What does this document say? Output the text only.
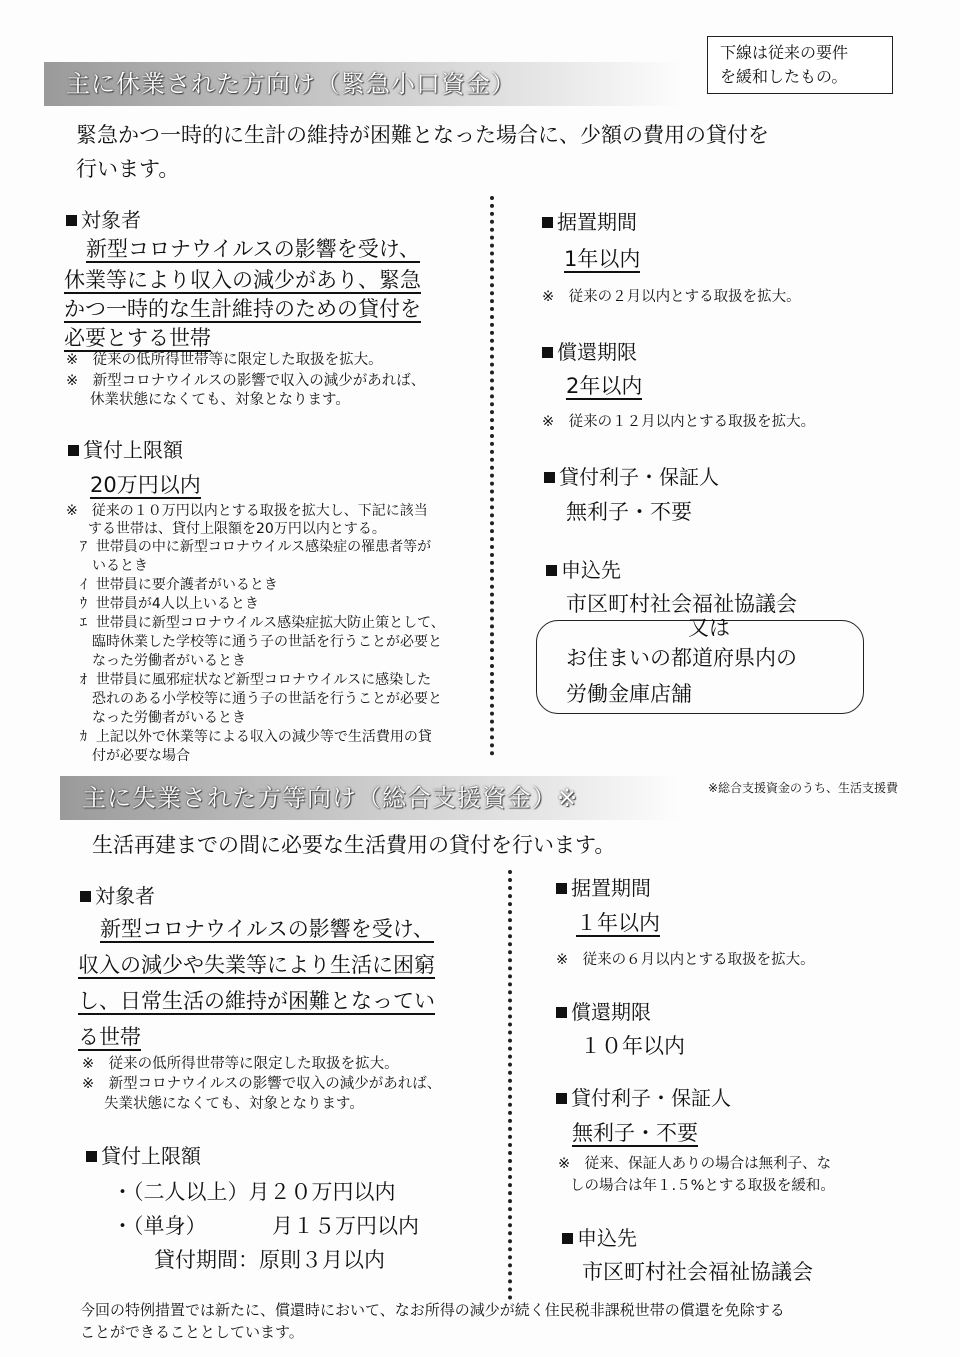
下線は従来の要件
を緩和したもの。
主に休業された方向け（緊急小口資金）
緊急かつ一時的に生計の維持が困難となった場合に、少額の費用の貸付を
行います。
対象者
新型コロナウイルスの影響を受け、
休業等により収入の減少があり、緊急
かつ一時的な生計維持のための貸付を
必要とする世帯
※　従来の低所得世帯等に限定した取扱を拡大。
※　新型コロナウイルスの影響で収入の減少があれば、
休業状態になくても、対象となります。
貸付上限額
20万円以内
※　従来の１０万円以内とする取扱を拡大し、下記に該当
する世帯は、貸付上限額を20万円以内とする。
ｱ 世帯員の中に新型コロナウイルス感染症の罹患者等が
いるとき
ｲ 世帯員に要介護者がいるとき
ｳ 世帯員が4人以上いるとき
ｴ 世帯員に新型コロナウイルス感染症拡大防止策として、
臨時休業した学校等に通う子の世話を行うことが必要と
なった労働者がいるとき
ｵ 世帯員に風邪症状など新型コロナウイルスに感染した
恐れのある小学校等に通う子の世話を行うことが必要と
なった労働者がいるとき
ｶ 上記以外で休業等による収入の減少等で生活費用の貸
付が必要な場合
据置期間
1年以内
※　従来の２月以内とする取扱を拡大。
償還期限
2年以内
※　従来の１２月以内とする取扱を拡大。
貸付利子・保証人
無利子・不要
申込先
市区町村社会福祉協議会
又は
お住まいの都道府県内の
労働金庫店舗
主に失業された方等向け（総合支援資金）※	※総合支援資金のうち、生活支援費
生活再建までの間に必要な生活費用の貸付を行います。
対象者
新型コロナウイルスの影響を受け、
収入の減少や失業等により生活に困窮
し、日常生活の維持が困難となってい
る世帯
※　従来の低所得世帯等に限定した取扱を拡大。
※　新型コロナウイルスの影響で収入の減少があれば、
失業状態になくても、対象となります。
貸付上限額
・（二人以上）月２０万円以内
・（単身）	月１５万円以内
貸付期間：原則３月以内
据置期間
１年以内
※　従来の６月以内とする取扱を拡大。
償還期限
１０年以内
貸付利子・保証人
無利子・不要
※　従来、保証人ありの場合は無利子、な
しの場合は年１.５%とする取扱を緩和。
申込先
市区町村社会福祉協議会
今回の特例措置では新たに、償還時において、なお所得の減少が続く住民税非課税世帯の償還を免除する
ことができることとしています。
